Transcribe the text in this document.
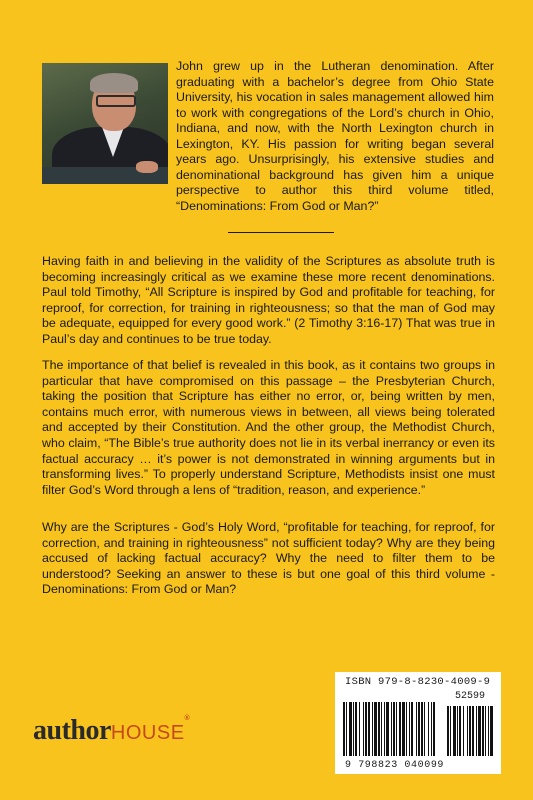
John grew up in the Lutheran denomination. After graduating with a bachelor’s degree from Ohio State University, his vocation in sales management allowed him to work with congregations of the Lord’s church in Ohio, Indiana, and now, with the North Lexington church in Lexington, KY. His passion for writing began several years ago. Unsurprisingly, his extensive studies and denominational background has given him a unique perspective to author this third volume titled, “Denominations: From God or Man?”

Having faith in and believing in the validity of the Scriptures as absolute truth is becoming increasingly critical as we examine these more recent denominations. Paul told Timothy, “All Scripture is inspired by God and profitable for teaching, for reproof, for correction, for training in righteousness; so that the man of God may be adequate, equipped for every good work.” (2 Timothy 3:16-17) That was true in Paul’s day and continues to be true today.

The importance of that belief is revealed in this book, as it contains two groups in particular that have compromised on this passage – the Presbyterian Church, taking the position that Scripture has either no error, or, being written by men, contains much error, with numerous views in between, all views being tolerated and accepted by their Constitution. And the other group, the Methodist Church, who claim, “The Bible’s true authority does not lie in its verbal inerrancy or even its factual accuracy … it’s power is not demonstrated in winning arguments but in transforming lives.” To properly understand Scripture, Methodists insist one must filter God’s Word through a lens of “tradition, reason, and experience.”

Why are the Scriptures - God’s Holy Word, “profitable for teaching, for reproof, for correction, and training in righteousness” not sufficient today? Why are they being accused of lacking factual accuracy? Why the need to filter them to be understood? Seeking an answer to these is but one goal of this third volume - Denominations: From God or Man?

authorHOUSE®
ISBN 979-8-8230-4009-9
52599
9 798823 040099
